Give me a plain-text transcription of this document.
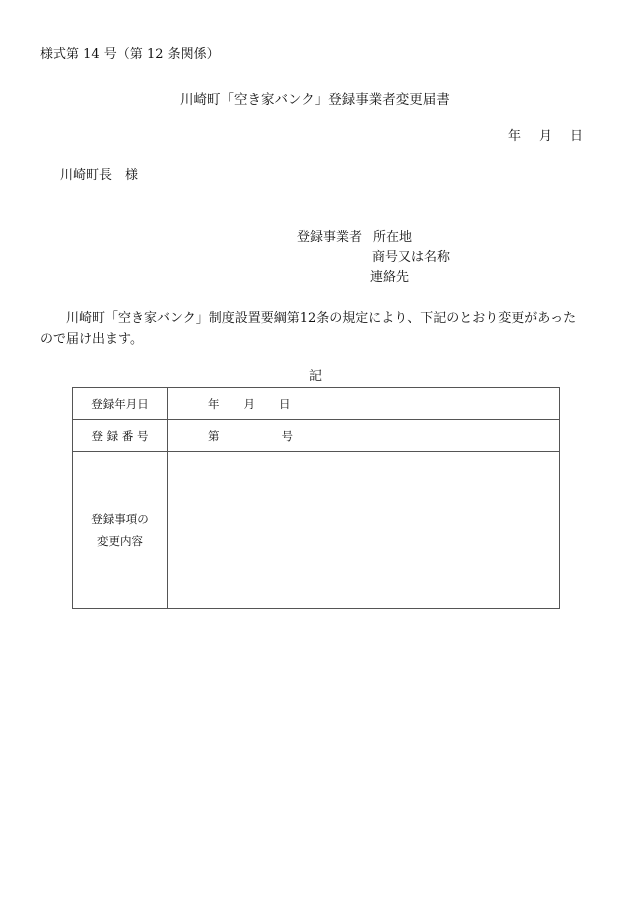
様式第 14 号（第 12 条関係）
川崎町「空き家バンク」登録事業者変更届書
年 月 日
川崎町長　様
登録事業者 所在地
商号又は名称
連絡先
川崎町「空き家バンク」制度設置要綱第12条の規定により、下記のとおり変更があったので届け出ます。
記
登録年月日	年 月 日
登 録 番 号	第 号

登録事項の
変更内容	
